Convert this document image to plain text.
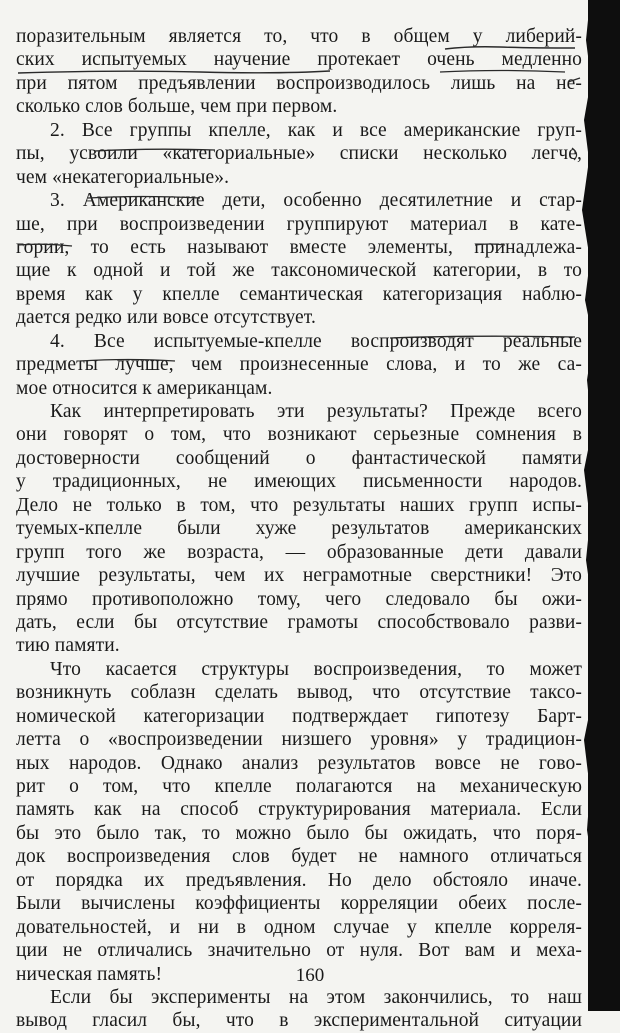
поразительным является то, что в общем у либерий-
ских испытуемых научение протекает очень медленно
при пятом предъявлении воспроизводилось лишь на не-
сколько слов больше, чем при первом.
2. Все группы кпелле, как и все американские груп-
пы, усвоили «категориальные» списки несколько легче,
чем «некатегориальные».
3. Американские дети, особенно десятилетние и стар-
ше, при воспроизведении группируют материал в кате-
гории, то есть называют вместе элементы, принадлежа-
щие к одной и той же таксономической категории, в то
время как у кпелле семантическая категоризация наблю-
дается редко или вовсе отсутствует.
4. Все испытуемые-кпелле воспроизводят реальные
предметы лучше, чем произнесенные слова, и то же са-
мое относится к американцам.
Как интерпретировать эти результаты? Прежде всего
они говорят о том, что возникают серьезные сомнения в
достоверности сообщений о фантастической памяти
у традиционных, не имеющих письменности народов.
Дело не только в том, что результаты наших групп испы-
туемых-кпелле были хуже результатов американских
групп того же возраста, — образованные дети давали
лучшие результаты, чем их неграмотные сверстники! Это
прямо противоположно тому, чего следовало бы ожи-
дать, если бы отсутствие грамоты способствовало разви-
тию памяти.
Что касается структуры воспроизведения, то может
возникнуть соблазн сделать вывод, что отсутствие таксо-
номической категоризации подтверждает гипотезу Барт-
летта о «воспроизведении низшего уровня» у традицион-
ных народов. Однако анализ результатов вовсе не гово-
рит о том, что кпелле полагаются на механическую
память как на способ структурирования материала. Если
бы это было так, то можно было бы ожидать, что поря-
док воспроизведения слов будет не намного отличаться
от порядка их предъявления. Но дело обстояло иначе.
Были вычислены коэффициенты корреляции обеих после-
довательностей, и ни в одном случае у кпелле корреля-
ции не отличались значительно от нуля. Вот вам и меха-
ническая память!
Если бы эксперименты на этом закончились, то наш
вывод гласил бы, что в экспериментальной ситуации
160
